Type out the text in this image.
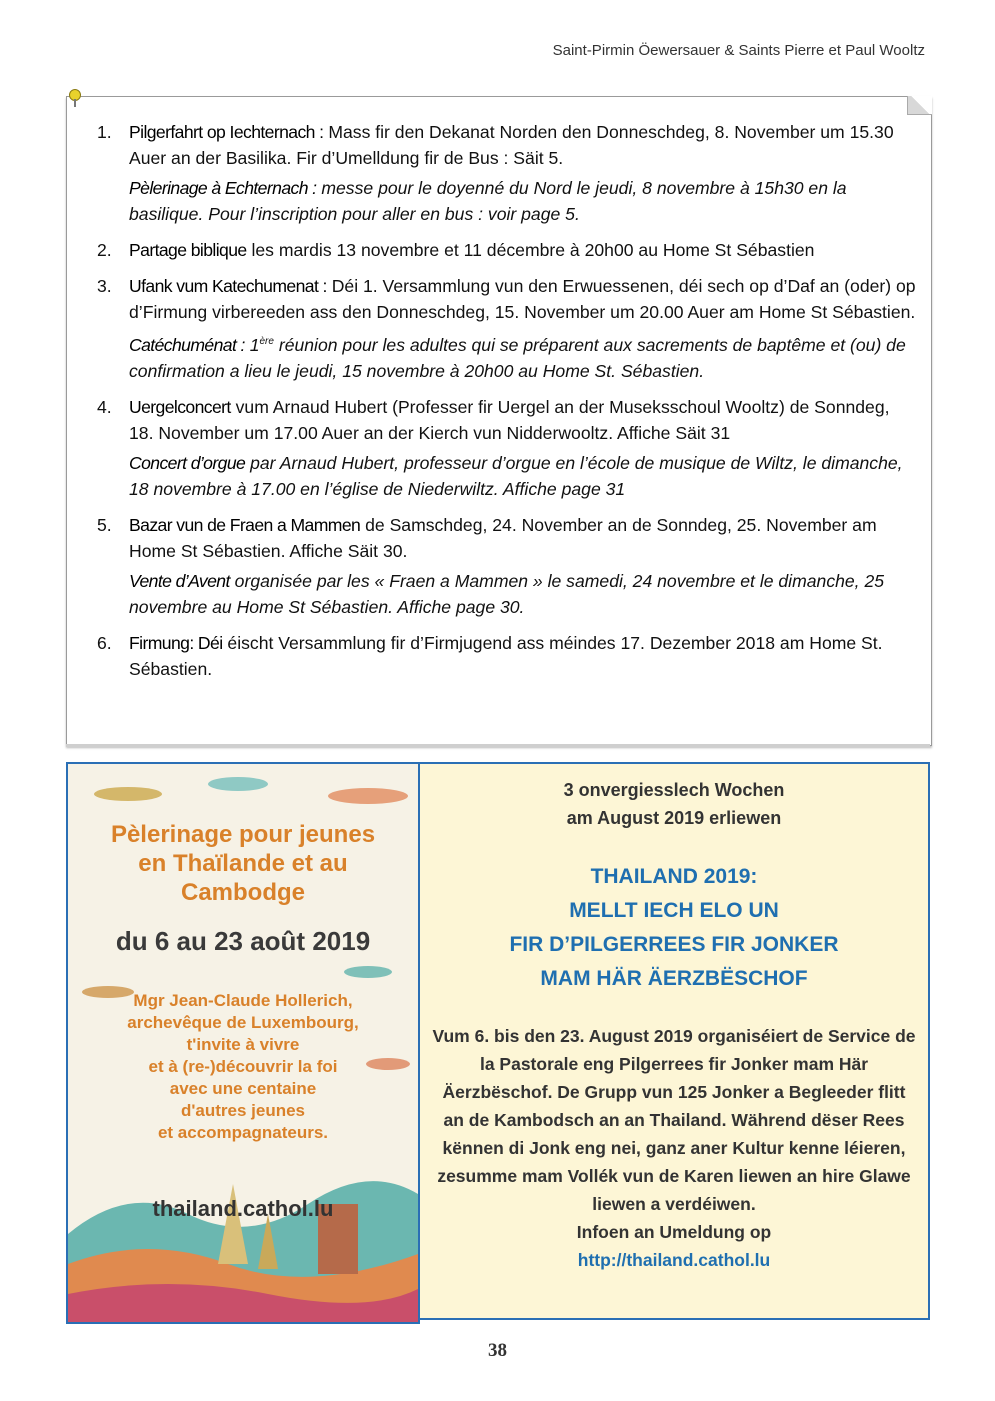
Saint-Pirmin Öewersauer & Saints Pierre et Paul Wooltz
1. Pilgerfahrt op Iechternach : Mass fir den Dekanat Norden den Donneschdeg, 8. November um 15.30 Auer an der Basilika. Fir d’Umelldung fir de Bus : Säit 5.
Pèlerinage à Echternach : messe pour le doyenné du Nord le jeudi, 8 novembre à 15h30 en la basilique. Pour l’inscription pour aller en bus : voir page 5.
2. Partage biblique les mardis 13 novembre et 11 décembre à 20h00 au Home St Sébastien
3. Ufank vum Katechumenat : Déi 1. Versammlung vun den Erwuessenen, déi sech op d’Daf an (oder) op d’Firmung virbereeden ass den Donneschdeg, 15. November um 20.00 Auer am Home St Sébastien.
Catéchuménat : 1ère réunion pour les adultes qui se préparent aux sacrements de baptême et (ou) de confirmation a lieu le jeudi, 15 novembre à 20h00 au Home St. Sébastien.
4. Uergelconcert vum Arnaud Hubert (Professer fir Uergel an der Museksschoul Wooltz) de Sonndeg, 18. November um 17.00 Auer an der Kierch vun Nidderwooltz. Affiche Säit 31
Concert d’orgue par Arnaud Hubert, professeur d’orgue en l’école de musique de Wiltz, le dimanche, 18 novembre à 17.00 en l’église de Niederwiltz. Affiche page 31
5. Bazar vun de Fraen a Mammen de Samschdeg, 24. November an de Sonndeg, 25. November am Home St Sébastien. Affiche Säit 30.
Vente d’Avent organisée par les « Fraen a Mammen » le samedi, 24 novembre et le dimanche, 25 novembre au Home St Sébastien. Affiche page 30.
6. Firmung: Déi éischt Versammlung fir d’Firmjugend ass méindes 17. Dezember 2018 am Home St. Sébastien.
Pèlerinage pour jeunes
en Thaïlande et au
Cambodge
du 6 au 23 août 2019
Mgr Jean-Claude Hollerich,
archevêque de Luxembourg,
t'invite à vivre
et à (re-)découvrir la foi
avec une centaine
d'autres jeunes
et accompagnateurs.
thailand.cathol.lu
3 onvergiesslech Wochen
am August 2019 erliewen
THAILAND 2019:
MELLT IECH ELO UN
FIR D’PILGERREES FIR JONKER
MAM HÄR ÄERZBËSCHOF
Vum 6. bis den 23. August 2019 organiséiert de Service de la Pastorale eng Pilgerrees ﬁr Jonker mam Här Äerzbëschof. De Grupp vun 125 Jonker a Begleeder ﬂitt an de Kambodsch an an Thailand. Während dëser Rees kënnen di Jonk eng nei, ganz aner Kultur kenne léieren, zesumme mam Vollék vun de Karen liewen an hire Glawe liewen a verdéiwen.
Infoen an Umeldung op
http://thailand.cathol.lu
38
